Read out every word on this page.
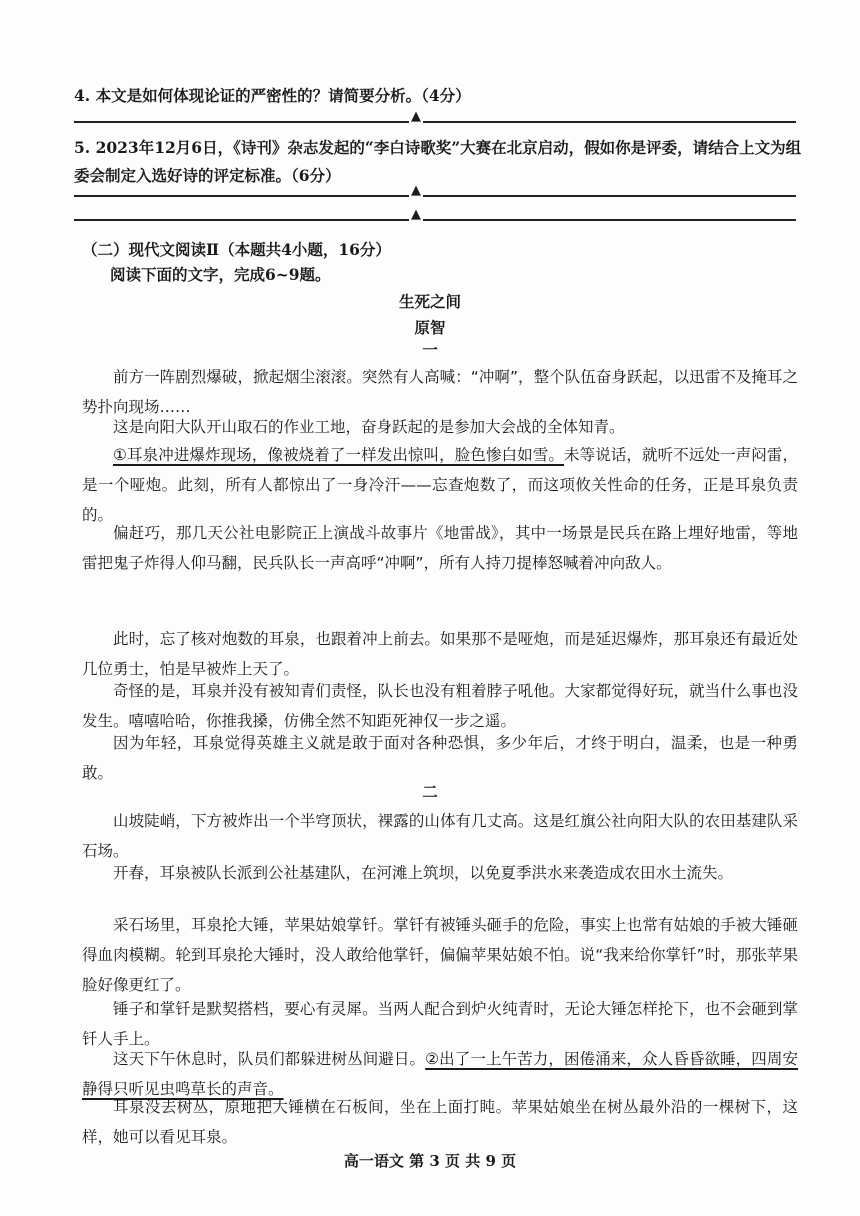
4. 本文是如何体现论证的严密性的？请简要分析。（4分）
▲
5. 2023年12月6日，《诗刊》杂志发起的“李白诗歌奖”大赛在北京启动，假如你是评委，请结合上文为组委会制定入选好诗的评定标准。（6分）
▲
▲
（二）现代文阅读Ⅱ（本题共4小题，16分）
阅读下面的文字，完成6~9题。
生死之间
原智
一
前方一阵剧烈爆破，掀起烟尘滚滚。突然有人高喊：“冲啊”，整个队伍奋身跃起，以迅雷不及掩耳之势扑向现场……
这是向阳大队开山取石的作业工地，奋身跃起的是参加大会战的全体知青。
①耳泉冲进爆炸现场，像被烧着了一样发出惊叫，脸色惨白如雪。未等说话，就听不远处一声闷雷，是一个哑炮。此刻，所有人都惊出了一身冷汗——忘查炮数了，而这项攸关性命的任务，正是耳泉负责的。
偏赶巧，那几天公社电影院正上演战斗故事片《地雷战》，其中一场景是民兵在路上埋好地雷，等地雷把鬼子炸得人仰马翻，民兵队长一声高呼“冲啊”，所有人持刀提棒怒喊着冲向敌人。
此时，忘了核对炮数的耳泉，也跟着冲上前去。如果那不是哑炮，而是延迟爆炸，那耳泉还有最近处几位勇士，怕是早被炸上天了。
奇怪的是，耳泉并没有被知青们责怪，队长也没有粗着脖子吼他。大家都觉得好玩，就当什么事也没发生。嘻嘻哈哈，你推我搡，仿佛全然不知距死神仅一步之遥。
因为年轻，耳泉觉得英雄主义就是敢于面对各种恐惧，多少年后，才终于明白，温柔，也是一种勇敢。
二
山坡陡峭，下方被炸出一个半穹顶状，裸露的山体有几丈高。这是红旗公社向阳大队的农田基建队采石场。
开春，耳泉被队长派到公社基建队，在河滩上筑坝，以免夏季洪水来袭造成农田水土流失。
采石场里，耳泉抡大锤，苹果姑娘掌钎。掌钎有被锤头砸手的危险，事实上也常有姑娘的手被大锤砸得血肉模糊。轮到耳泉抡大锤时，没人敢给他掌钎，偏偏苹果姑娘不怕。说“我来给你掌钎”时，那张苹果脸好像更红了。
锤子和掌钎是默契搭档，要心有灵犀。当两人配合到炉火纯青时，无论大锤怎样抡下，也不会砸到掌钎人手上。
这天下午休息时，队员们都躲进树丛间避日。②出了一上午苦力，困倦涌来，众人昏昏欲睡，四周安静得只听见虫鸣草长的声音。
耳泉没去树丛，原地把大锤横在石板间，坐在上面打盹。苹果姑娘坐在树丛最外沿的一棵树下，这样，她可以看见耳泉。
高一语文 第 3 页 共 9 页
